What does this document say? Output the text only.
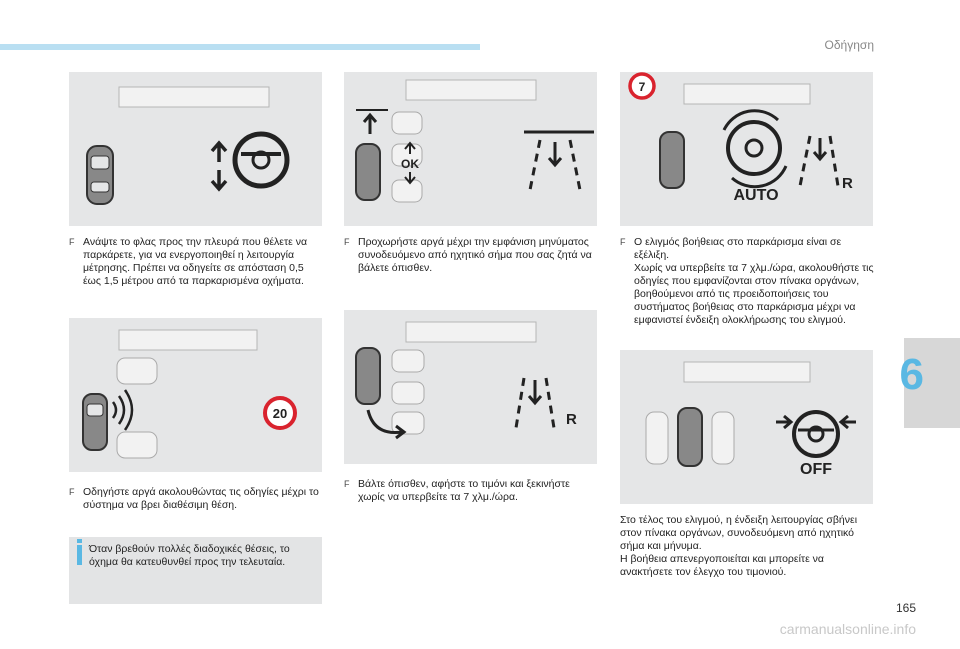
Οδήγηση
6
165
carmanualsonline.info
F Ανάψτε το φλας προς την πλευρά που θέλετε να
παρκάρετε, για να ενεργοποιηθεί η λειτουργία
μέτρησης. Πρέπει να οδηγείτε σε απόσταση 0,5
έως 1,5 μέτρου από τα παρκαρισμένα οχήματα.
20
F Οδηγήστε αργά ακολουθώντας τις οδηγίες μέχρι το
σύστημα να βρει διαθέσιμη θέση.
Όταν βρεθούν πολλές διαδοχικές θέσεις, το
όχημα θα κατευθυνθεί προς την τελευταία.
OK
F Προχωρήστε αργά μέχρι την εμφάνιση μηνύματος
συνοδευόμενο από ηχητικό σήμα που σας ζητά να
βάλετε όπισθεν.
R
F Βάλτε όπισθεν, αφήστε το τιμόνι και ξεκινήστε
χωρίς να υπερβείτε τα 7 χλμ./ώρα.
7
AUTO
R
F Ο ελιγμός βοήθειας στο παρκάρισμα είναι σε
εξέλιξη.
Χωρίς να υπερβείτε τα 7 χλμ./ώρα, ακολουθήστε τις
οδηγίες που εμφανίζονται στον πίνακα οργάνων,
βοηθούμενοι από τις προειδοποιήσεις του
συστήματος βοήθειας στο παρκάρισμα μέχρι να
εμφανιστεί ένδειξη ολοκλήρωσης του ελιγμού.
OFF
Στο τέλος του ελιγμού, η ένδειξη λειτουργίας σβήνει
στον πίνακα οργάνων, συνοδευόμενη από ηχητικό
σήμα και μήνυμα.
Η βοήθεια απενεργοποιείται και μπορείτε να
ανακτήσετε τον έλεγχο του τιμονιού.
